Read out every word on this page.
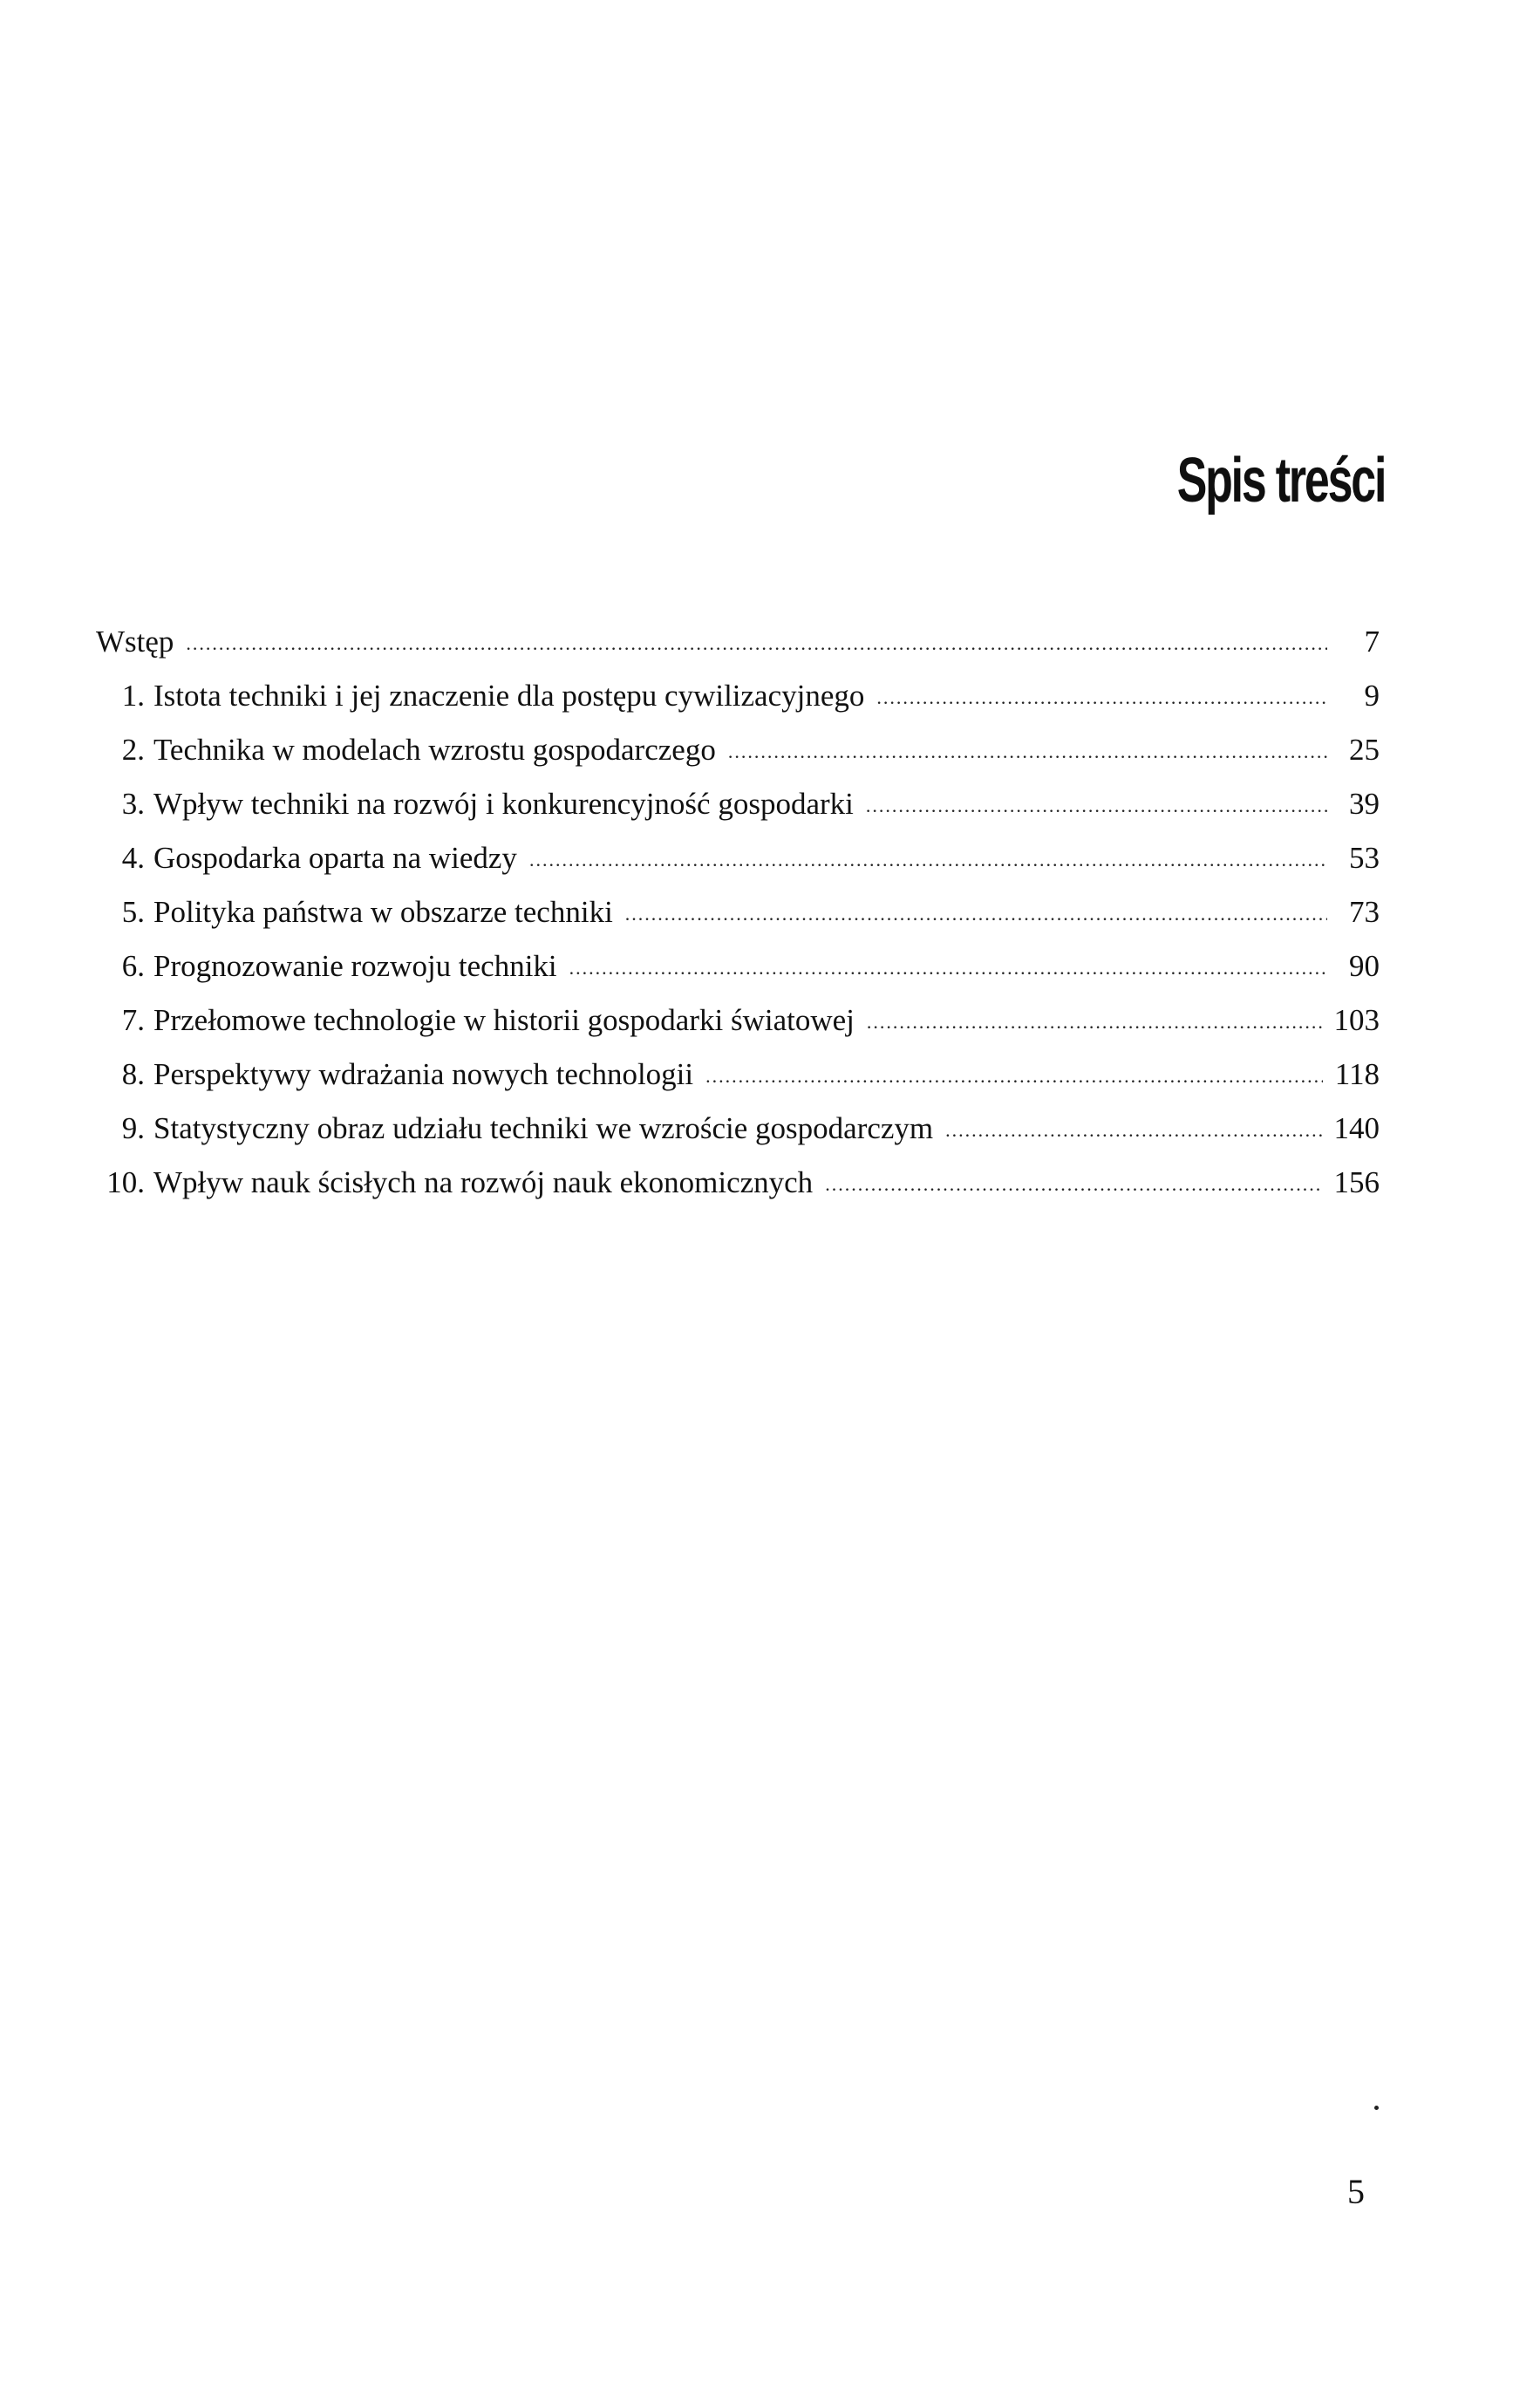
Spis treści
Wstęp .....	7
1. Istota techniki i jej znaczenie dla postępu cywilizacyjnego .....	9
2. Technika w modelach wzrostu gospodarczego .....	25
3. Wpływ techniki na rozwój i konkurencyjność gospodarki .....	39
4. Gospodarka oparta na wiedzy .....	53
5. Polityka państwa w obszarze techniki .....	73
6. Prognozowanie rozwoju techniki .....	90
7. Przełomowe technologie w historii gospodarki światowej .....	103
8. Perspektywy wdrażania nowych technologii .....	118
9. Statystyczny obraz udziału techniki we wzroście gospodarczym .....	140
10. Wpływ nauk ścisłych na rozwój nauk ekonomicznych .....	156
5
